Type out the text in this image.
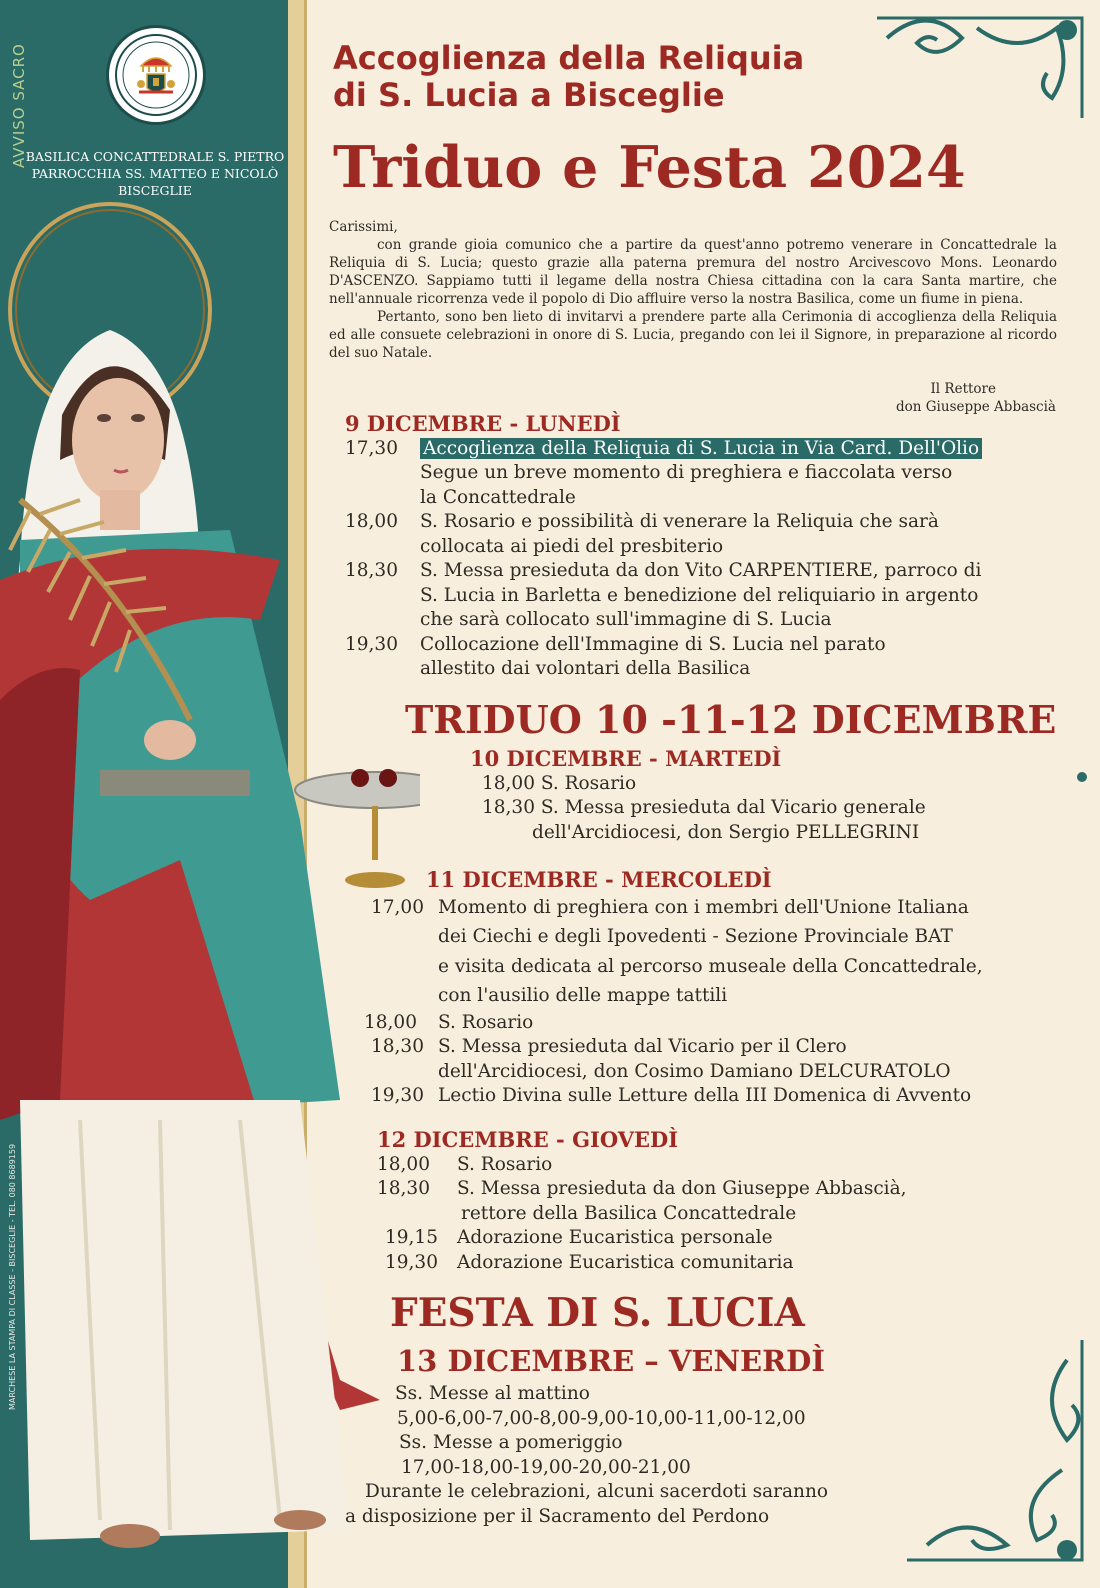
AVVISO SACRO
BASILICA CONCATTEDRALE S. PIETRO
PARROCCHIA SS. MATTEO E NICOLÒ
BISCEGLIE
MARCHESE LA STAMPA DI CLASSE - BISCEGLIE - TEL. 080 8689159
Accoglienza della Reliquia
di S. Lucia a Bisceglie
Triduo e Festa 2024

Carissimi,

con grande gioia comunico che a partire da quest'anno potremo venerare in Concattedrale la Reliquia di S. Lucia; questo grazie alla paterna premura del nostro Arcivescovo Mons. Leonardo D'ASCENZO. Sappiamo tutti il legame della nostra Chiesa cittadina con la cara Santa martire, che nell'annuale ricorrenza vede il popolo di Dio affluire verso la nostra Basilica, come un fiume in piena.

Pertanto, sono ben lieto di invitarvi a prendere parte alla Cerimonia di accoglienza della Reliquia ed alle consuete celebrazioni in onore di S. Lucia, pregando con lei il Signore, in preparazione al ricordo del suo Natale.

Il Rettore
don Giuseppe Abbascià
9 DICEMBRE - LUNEDÌ
17,30	Accoglienza della Reliquia di S. Lucia in Via Card. Dell'Olio
Segue un breve momento di preghiera e fiaccolata verso
la Concattedrale
18,00	S. Rosario e possibilità di venerare la Reliquia che sarà
collocata ai piedi del presbiterio
18,30	S. Messa presieduta da don Vito CARPENTIERE, parroco di
S. Lucia in Barletta e benedizione del reliquiario in argento
che sarà collocato sull'immagine di S. Lucia
19,30	Collocazione dell'Immagine di S. Lucia nel parato
allestito dai volontari della Basilica
TRIDUO 10 -11-12 DICEMBRE
10 DICEMBRE - MARTEDÌ
18,00 S. Rosario
18,30 S. Messa presieduta dal Vicario generale
dell'Arcidiocesi, don Sergio PELLEGRINI
11 DICEMBRE - MERCOLEDÌ
17,00 Momento di preghiera con i membri dell'Unione Italiana
dei Ciechi e degli Ipovedenti - Sezione Provinciale BAT
e visita dedicata al percorso museale della Concattedrale,
con l'ausilio delle mappe tattili
18,00	S. Rosario
18,30 S. Messa presieduta dal Vicario per il Clero
dell'Arcidiocesi, don Cosimo Damiano DELCURATOLO
19,30 Lectio Divina sulle Letture della III Domenica di Avvento
12 DICEMBRE - GIOVEDÌ
18,00	S. Rosario
18,30	S. Messa presieduta da don Giuseppe Abbascià,
rettore della Basilica Concattedrale
19,15	Adorazione Eucaristica personale
19,30	Adorazione Eucaristica comunitaria
FESTA DI S. LUCIA
13 DICEMBRE – VENERDÌ
Ss. Messe al mattino
5,00-6,00-7,00-8,00-9,00-10,00-11,00-12,00
Ss. Messe a pomeriggio
17,00-18,00-19,00-20,00-21,00
Durante le celebrazioni, alcuni sacerdoti saranno
a disposizione per il Sacramento del Perdono
